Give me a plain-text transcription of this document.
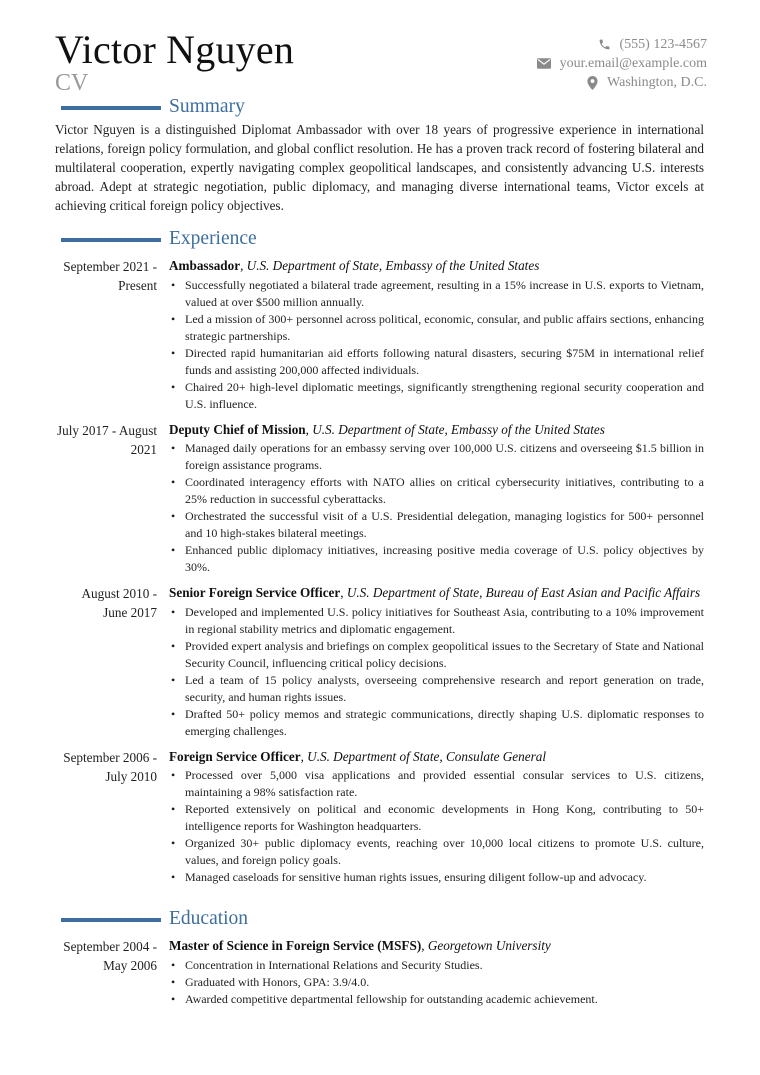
Victor Nguyen
CV
(555) 123-4567
your.email@example.com
Washington, D.C.
Summary

Victor Nguyen is a distinguished Diplomat Ambassador with over 18 years of progressive experience in international relations, foreign policy formulation, and global conflict resolution. He has a proven track record of fostering bilateral and multilateral cooperation, expertly navigating complex geopolitical landscapes, and consistently advancing U.S. interests abroad. Adept at strategic negotiation, public diplomacy, and managing diverse international teams, Victor excels at achieving critical foreign policy objectives.

Experience
September 2021 - Present
Ambassador, U.S. Department of State, Embassy of the United States
• Successfully negotiated a bilateral trade agreement, resulting in a 15% increase in U.S. exports to Vietnam, valued at over $500 million annually.
• Led a mission of 300+ personnel across political, economic, consular, and public affairs sections, enhancing strategic partnerships.
• Directed rapid humanitarian aid efforts following natural disasters, securing $75M in international relief funds and assisting 200,000 affected individuals.
• Chaired 20+ high-level diplomatic meetings, significantly strengthening regional security cooperation and U.S. influence.
July 2017 - August 2021
Deputy Chief of Mission, U.S. Department of State, Embassy of the United States
• Managed daily operations for an embassy serving over 100,000 U.S. citizens and overseeing $1.5 billion in foreign assistance programs.
• Coordinated interagency efforts with NATO allies on critical cybersecurity initiatives, contributing to a 25% reduction in successful cyberattacks.
• Orchestrated the successful visit of a U.S. Presidential delegation, managing logistics for 500+ personnel and 10 high-stakes bilateral meetings.
• Enhanced public diplomacy initiatives, increasing positive media coverage of U.S. policy objectives by 30%.
August 2010 - June 2017
Senior Foreign Service Officer, U.S. Department of State, Bureau of East Asian and Pacific Affairs
• Developed and implemented U.S. policy initiatives for Southeast Asia, contributing to a 10% improvement in regional stability metrics and diplomatic engagement.
• Provided expert analysis and briefings on complex geopolitical issues to the Secretary of State and National Security Council, influencing critical policy decisions.
• Led a team of 15 policy analysts, overseeing comprehensive research and report generation on trade, security, and human rights issues.
• Drafted 50+ policy memos and strategic communications, directly shaping U.S. diplomatic responses to emerging challenges.
September 2006 - July 2010
Foreign Service Officer, U.S. Department of State, Consulate General
• Processed over 5,000 visa applications and provided essential consular services to U.S. citizens, maintaining a 98% satisfaction rate.
• Reported extensively on political and economic developments in Hong Kong, contributing to 50+ intelligence reports for Washington headquarters.
• Organized 30+ public diplomacy events, reaching over 10,000 local citizens to promote U.S. culture, values, and foreign policy goals.
• Managed caseloads for sensitive human rights issues, ensuring diligent follow-up and advocacy.
Education
September 2004 - May 2006
Master of Science in Foreign Service (MSFS), Georgetown University
• Concentration in International Relations and Security Studies.
• Graduated with Honors, GPA: 3.9/4.0.
• Awarded competitive departmental fellowship for outstanding academic achievement.
